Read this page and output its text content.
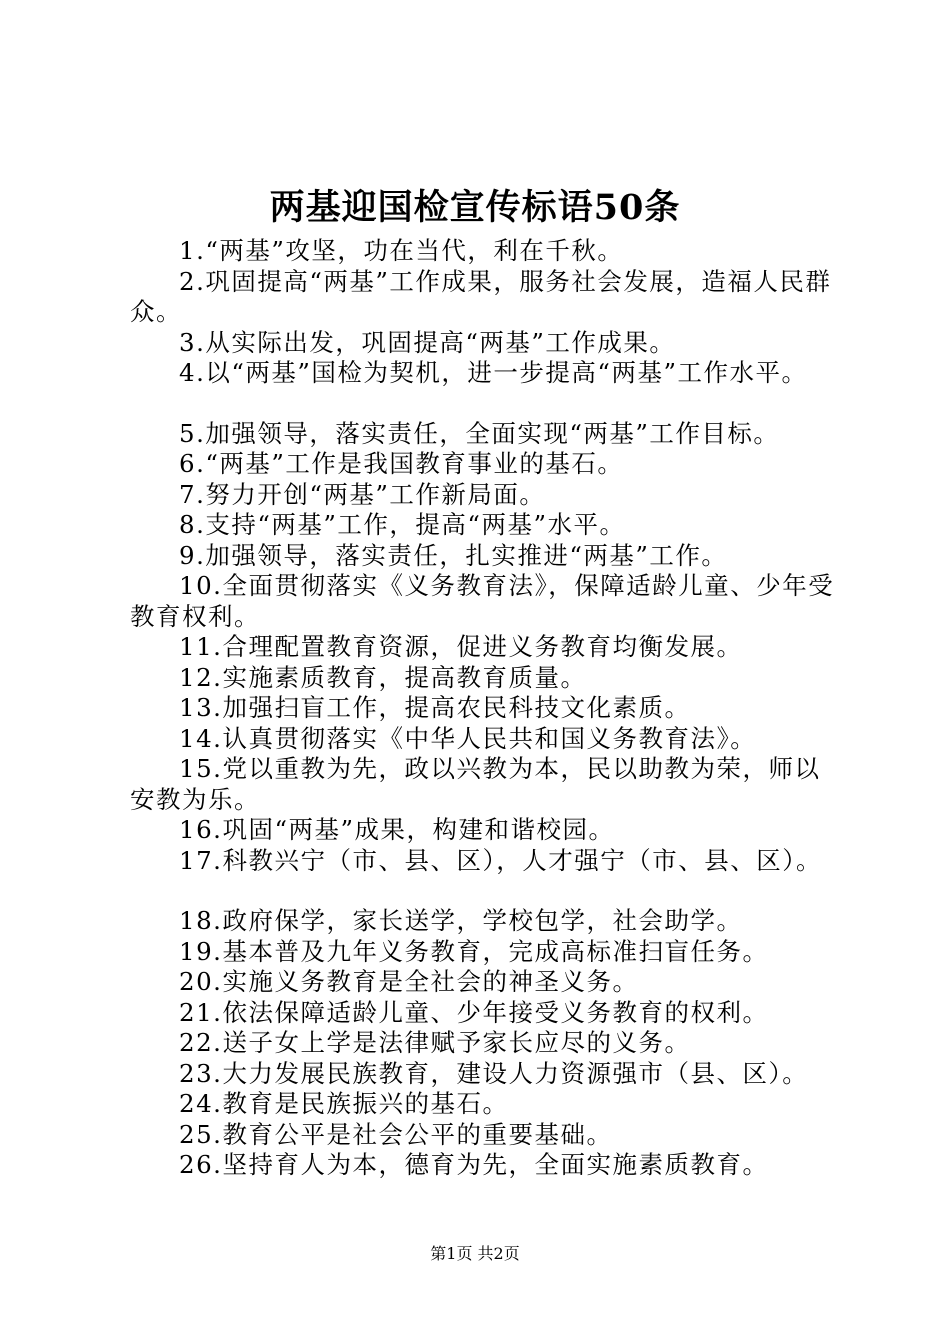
两基迎国检宣传标语50条

1.“两基”攻坚，功在当代，利在千秋。

2.巩固提高“两基”工作成果，服务社会发展，造福人民群众。

3.从实际出发，巩固提高“两基”工作成果。

4.以“两基”国检为契机，进一步提高“两基”工作水平。

5.加强领导，落实责任，全面实现“两基”工作目标。

6.“两基”工作是我国教育事业的基石。

7.努力开创“两基”工作新局面。

8.支持“两基”工作，提高“两基”水平。

9.加强领导，落实责任，扎实推进“两基”工作。

10.全面贯彻落实《义务教育法》，保障适龄儿童、少年受教育权利。

11.合理配置教育资源，促进义务教育均衡发展。

12.实施素质教育，提高教育质量。

13.加强扫盲工作，提高农民科技文化素质。

14.认真贯彻落实《中华人民共和国义务教育法》。

15.党以重教为先，政以兴教为本，民以助教为荣，师以安教为乐。

16.巩固“两基”成果，构建和谐校园。

17.科教兴宁（市、县、区），人才强宁（市、县、区）。

18.政府保学，家长送学，学校包学，社会助学。

19.基本普及九年义务教育，完成高标准扫盲任务。

20.实施义务教育是全社会的神圣义务。

21.依法保障适龄儿童、少年接受义务教育的权利。

22.送子女上学是法律赋予家长应尽的义务。

23.大力发展民族教育，建设人力资源强市（县、区）。

24.教育是民族振兴的基石。

25.教育公平是社会公平的重要基础。

26.坚持育人为本，德育为先，全面实施素质教育。

第1页 共2页
